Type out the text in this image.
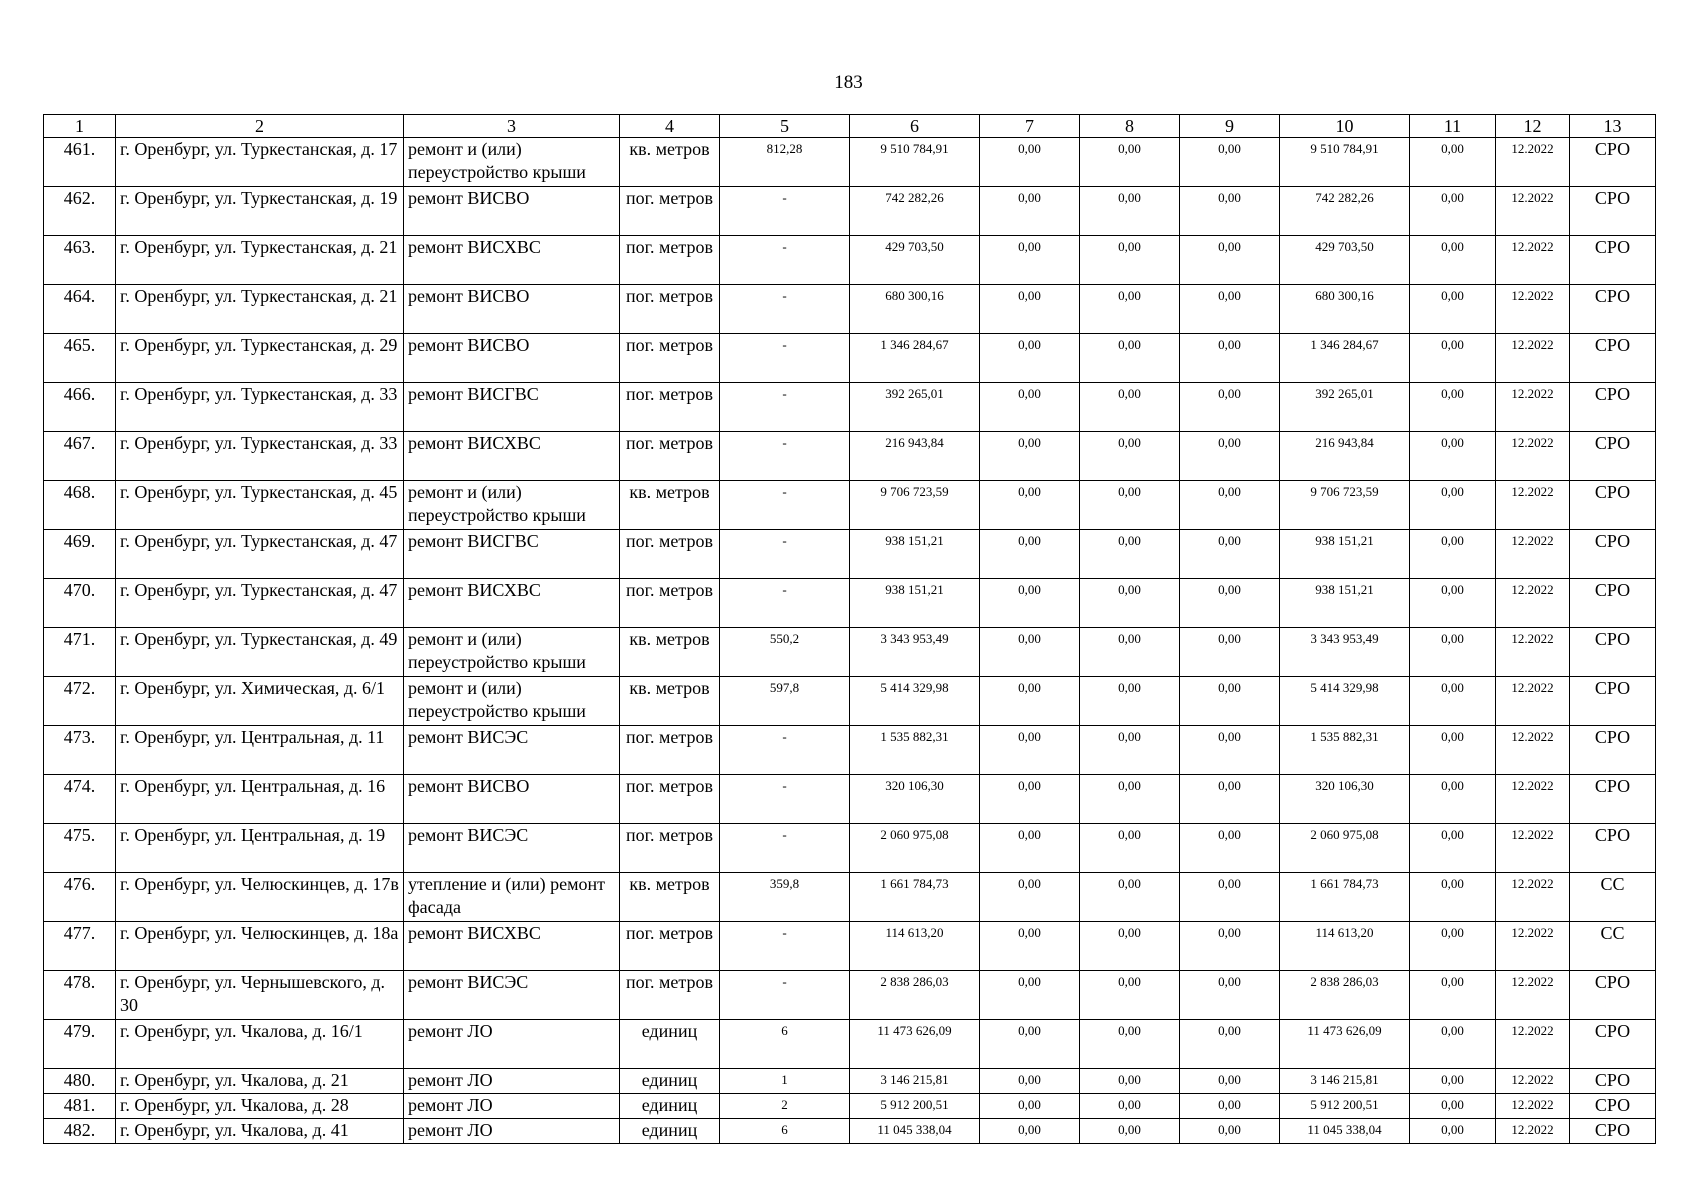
183
1	2	3	4	5	6	7	8	9	10	11	12	13
461.	г. Оренбург, ул. Туркестанская, д. 17	ремонт и (или) переустройство крыши	кв. метров	812,28	9 510 784,91	0,00	0,00	0,00	9 510 784,91	0,00	12.2022	СРО
462.	г. Оренбург, ул. Туркестанская, д. 19	ремонт ВИСВО	пог. метров	-	742 282,26	0,00	0,00	0,00	742 282,26	0,00	12.2022	СРО
463.	г. Оренбург, ул. Туркестанская, д. 21	ремонт ВИСХВС	пог. метров	-	429 703,50	0,00	0,00	0,00	429 703,50	0,00	12.2022	СРО
464.	г. Оренбург, ул. Туркестанская, д. 21	ремонт ВИСВО	пог. метров	-	680 300,16	0,00	0,00	0,00	680 300,16	0,00	12.2022	СРО
465.	г. Оренбург, ул. Туркестанская, д. 29	ремонт ВИСВО	пог. метров	-	1 346 284,67	0,00	0,00	0,00	1 346 284,67	0,00	12.2022	СРО
466.	г. Оренбург, ул. Туркестанская, д. 33	ремонт ВИСГВС	пог. метров	-	392 265,01	0,00	0,00	0,00	392 265,01	0,00	12.2022	СРО
467.	г. Оренбург, ул. Туркестанская, д. 33	ремонт ВИСХВС	пог. метров	-	216 943,84	0,00	0,00	0,00	216 943,84	0,00	12.2022	СРО
468.	г. Оренбург, ул. Туркестанская, д. 45	ремонт и (или) переустройство крыши	кв. метров	-	9 706 723,59	0,00	0,00	0,00	9 706 723,59	0,00	12.2022	СРО
469.	г. Оренбург, ул. Туркестанская, д. 47	ремонт ВИСГВС	пог. метров	-	938 151,21	0,00	0,00	0,00	938 151,21	0,00	12.2022	СРО
470.	г. Оренбург, ул. Туркестанская, д. 47	ремонт ВИСХВС	пог. метров	-	938 151,21	0,00	0,00	0,00	938 151,21	0,00	12.2022	СРО
471.	г. Оренбург, ул. Туркестанская, д. 49	ремонт и (или) переустройство крыши	кв. метров	550,2	3 343 953,49	0,00	0,00	0,00	3 343 953,49	0,00	12.2022	СРО
472.	г. Оренбург, ул. Химическая, д. 6/1	ремонт и (или) переустройство крыши	кв. метров	597,8	5 414 329,98	0,00	0,00	0,00	5 414 329,98	0,00	12.2022	СРО
473.	г. Оренбург, ул. Центральная, д. 11	ремонт ВИСЭС	пог. метров	-	1 535 882,31	0,00	0,00	0,00	1 535 882,31	0,00	12.2022	СРО
474.	г. Оренбург, ул. Центральная, д. 16	ремонт ВИСВО	пог. метров	-	320 106,30	0,00	0,00	0,00	320 106,30	0,00	12.2022	СРО
475.	г. Оренбург, ул. Центральная, д. 19	ремонт ВИСЭС	пог. метров	-	2 060 975,08	0,00	0,00	0,00	2 060 975,08	0,00	12.2022	СРО
476.	г. Оренбург, ул. Челюскинцев, д. 17в	утепление и (или) ремонт фасада	кв. метров	359,8	1 661 784,73	0,00	0,00	0,00	1 661 784,73	0,00	12.2022	СС
477.	г. Оренбург, ул. Челюскинцев, д. 18а	ремонт ВИСХВС	пог. метров	-	114 613,20	0,00	0,00	0,00	114 613,20	0,00	12.2022	СС
478.	г. Оренбург, ул. Чернышевского, д. 30	ремонт ВИСЭС	пог. метров	-	2 838 286,03	0,00	0,00	0,00	2 838 286,03	0,00	12.2022	СРО
479.	г. Оренбург, ул. Чкалова, д. 16/1	ремонт ЛО	единиц	6	11 473 626,09	0,00	0,00	0,00	11 473 626,09	0,00	12.2022	СРО
480.	г. Оренбург, ул. Чкалова, д. 21	ремонт ЛО	единиц	1	3 146 215,81	0,00	0,00	0,00	3 146 215,81	0,00	12.2022	СРО
481.	г. Оренбург, ул. Чкалова, д. 28	ремонт ЛО	единиц	2	5 912 200,51	0,00	0,00	0,00	5 912 200,51	0,00	12.2022	СРО
482.	г. Оренбург, ул. Чкалова, д. 41	ремонт ЛО	единиц	6	11 045 338,04	0,00	0,00	0,00	11 045 338,04	0,00	12.2022	СРО
